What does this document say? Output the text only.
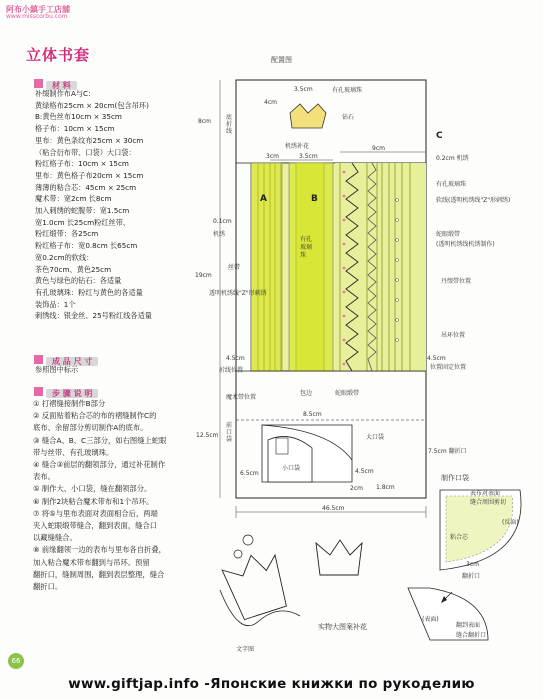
阿布小鎮手工店舖
www.misscorbu.com
立体书套
材 料
补缀制作布A与C：
黄绿格布25cm × 20cm(包含吊环)
B:黄色丝布10cm × 35cm
格子布：10cm × 15cm
里布：黄色条纹布25cm × 30cm
（粘合衍布带、口袋）大口袋：
粉红格子布：10cm × 15cm
里布：黄色格子布20cm × 15cm
薄薄的粘合芯：45cm × 25cm
魔术带：宽2cm 长8cm
加入刺绣的蛇腹带：宽1.5cm
宽1.0cm 长25cm粉红丝带、
粉红缎带：各25cm
粉红格子布：宽0.8cm 长65cm
宽0.2cm的软线：
茶色70cm、黄色25cm
黄色与绿色的钻石：各适量
有孔玻璃珠：粉红与黄色的各适量
装饰品：1个
刺绣线：银金丝、25号粉红线各适量
成 品 尺 寸
参照图中标示
步 骤 说 明
① 打褶缝接制作B部分
② 反面贴着粘合芯的布的褶缝制作C的
底布、余留部分剪切制作A的底布。
③ 缝合A、B、C三部分，如右图缝上蛇眼
带与丝带、有孔玻璃珠。
④ 缝合③前层的翻领部分，通过补花制作
表布。
⑤ 制作大、小口袋，缝在翻领部分。
⑥ 制作2块粘合魔术带布和1个吊环。
⑦ 将⑤与里布表面对表面相合后，两端
夹入蛇眼缎带缝合，翻到表面，缝合口
以藏缝缝合。
⑧ 前缘翻领一边的表布与里布各自折叠，
加入粘合魔术带布翻到与吊环。预留
翻折口，缝制周围，翻到表层整理，缝合
翻折口。
配置图
A	B
C
有孔玻璃珠
钻石
机绣补花
底折线
3.5cm
4cm
8cm
3.5cm
9cm
3cm	0.2cm 机绣
19cm
0.1cm
4.5cm	4.5cm
8.5cm
12.5cm
7.5cm 翻折口
6.5cm	4.5cm
1.8cm
2cm
46.5cm
有孔玻璃珠
软线(透明机绣线"Z"形刺绣)
蛇眼缎带
(透明机绣线机绣制作)
机绣
有孔玻璃珠
丝带
丹缀带位置
透明机绣线"Z"形刺绣
吊环位置
位置固定位置
折线位置
包边	蛇眼缎带
大口袋
小口袋
魔术带位置
前口袋
制作口袋
表布对表面
缝合周围剪切
(反面)
粘合芯
3cm
翻折口
(表面)
翻到表面
缝合翻折口
实物大图案补花
文字图
66
www.giftjap.info -Японские книжки по рукоделию
